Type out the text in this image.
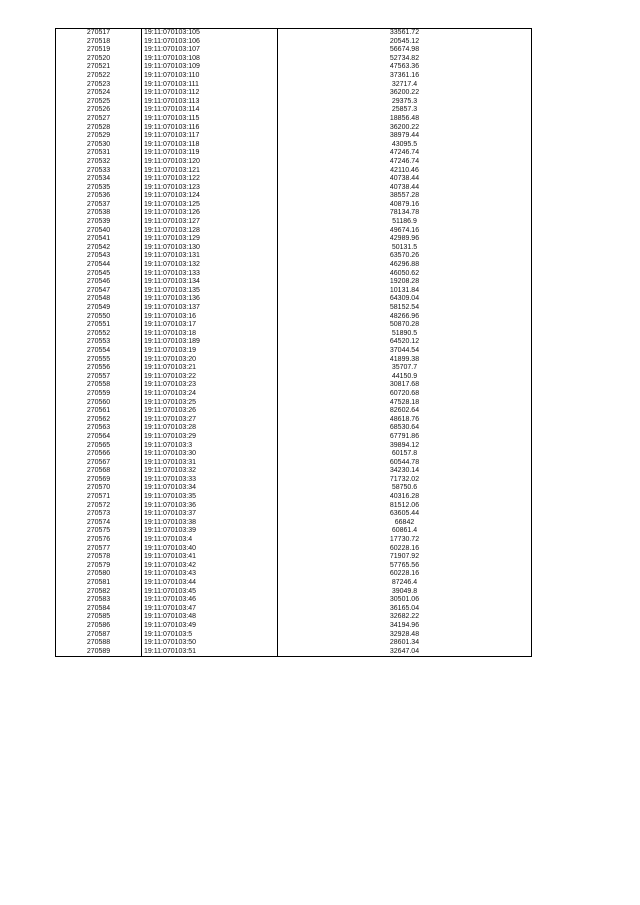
270517	19:11:070103:105	33561.72
270518	19:11:070103:106	20545.12
270519	19:11:070103:107	56674.98
270520	19:11:070103:108	52734.82
270521	19:11:070103:109	47563.36
270522	19:11:070103:110	37361.16
270523	19:11:070103:111	32717.4
270524	19:11:070103:112	36200.22
270525	19:11:070103:113	29375.3
270526	19:11:070103:114	25857.3
270527	19:11:070103:115	18856.48
270528	19:11:070103:116	36200.22
270529	19:11:070103:117	38979.44
270530	19:11:070103:118	43095.5
270531	19:11:070103:119	47246.74
270532	19:11:070103:120	47246.74
270533	19:11:070103:121	42110.46
270534	19:11:070103:122	40738.44
270535	19:11:070103:123	40738.44
270536	19:11:070103:124	38557.28
270537	19:11:070103:125	40879.16
270538	19:11:070103:126	78134.78
270539	19:11:070103:127	51186.9
270540	19:11:070103:128	49674.16
270541	19:11:070103:129	42989.96
270542	19:11:070103:130	50131.5
270543	19:11:070103:131	63570.26
270544	19:11:070103:132	46296.88
270545	19:11:070103:133	46050.62
270546	19:11:070103:134	19208.28
270547	19:11:070103:135	10131.84
270548	19:11:070103:136	64309.04
270549	19:11:070103:137	58152.54
270550	19:11:070103:16	48266.96
270551	19:11:070103:17	50870.28
270552	19:11:070103:18	51890.5
270553	19:11:070103:189	64520.12
270554	19:11:070103:19	37044.54
270555	19:11:070103:20	41899.38
270556	19:11:070103:21	35707.7
270557	19:11:070103:22	44150.9
270558	19:11:070103:23	30817.68
270559	19:11:070103:24	60720.68
270560	19:11:070103:25	47528.18
270561	19:11:070103:26	82602.64
270562	19:11:070103:27	48618.76
270563	19:11:070103:28	68530.64
270564	19:11:070103:29	67791.86
270565	19:11:070103:3	39894.12
270566	19:11:070103:30	60157.8
270567	19:11:070103:31	60544.78
270568	19:11:070103:32	34230.14
270569	19:11:070103:33	71732.02
270570	19:11:070103:34	58750.6
270571	19:11:070103:35	40316.28
270572	19:11:070103:36	81512.06
270573	19:11:070103:37	63605.44
270574	19:11:070103:38	66842
270575	19:11:070103:39	60861.4
270576	19:11:070103:4	17730.72
270577	19:11:070103:40	60228.16
270578	19:11:070103:41	71907.92
270579	19:11:070103:42	57765.56
270580	19:11:070103:43	60228.16
270581	19:11:070103:44	87246.4
270582	19:11:070103:45	39049.8
270583	19:11:070103:46	30501.06
270584	19:11:070103:47	36165.04
270585	19:11:070103:48	32682.22
270586	19:11:070103:49	34194.96
270587	19:11:070103:5	32928.48
270588	19:11:070103:50	28601.34
270589	19:11:070103:51	32647.04
